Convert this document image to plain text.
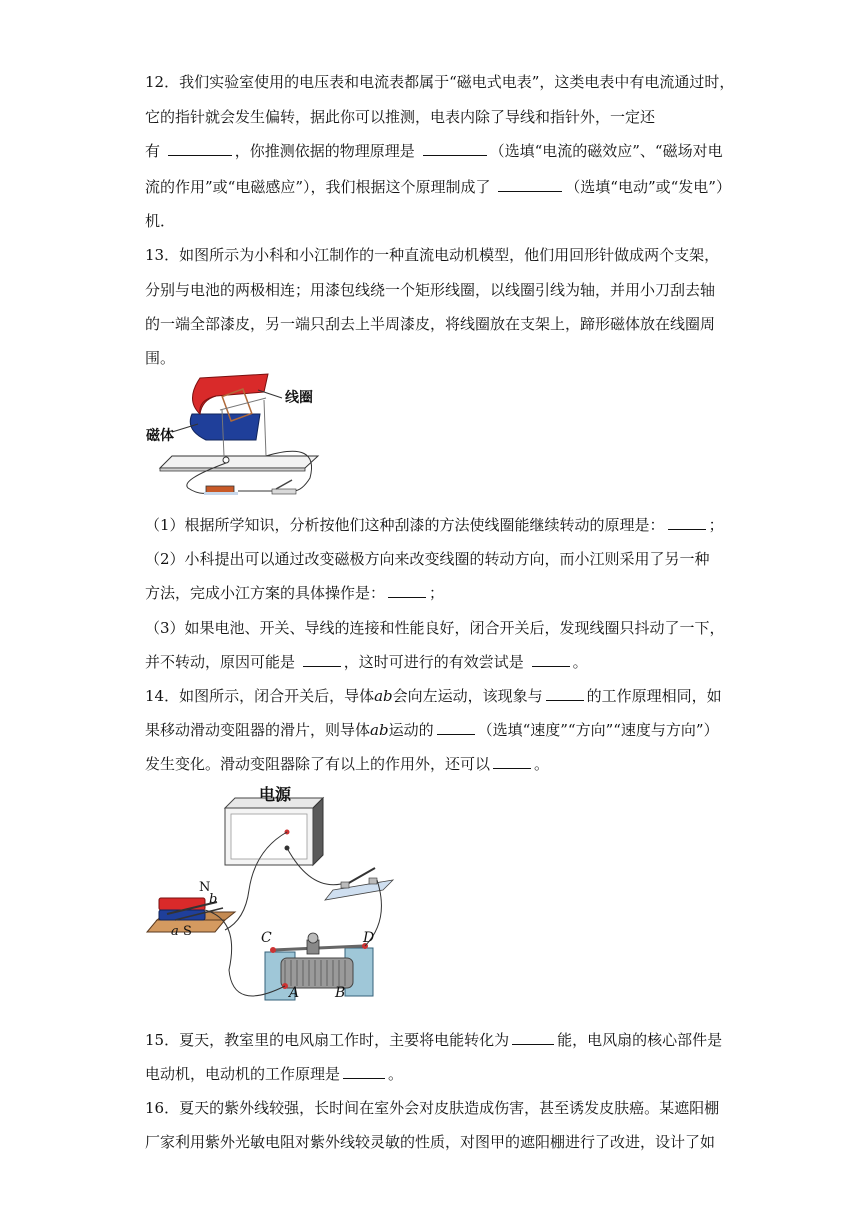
12．我们实验室使用的电压表和电流表都属于“磁电式电表”，这类电表中有电流通过时，
它的指针就会发生偏转，据此你可以推测，电表内除了导线和指针外，一定还
有	，你推测依据的物理原理是	（选填“电流的磁效应”、“磁场对电
流的作用”或“电磁感应”），我们根据这个原理制成了	（选填“电动”或“发电”）
机．
13．如图所示为小科和小江制作的一种直流电动机模型，他们用回形针做成两个支架，
分别与电池的两极相连；用漆包线绕一个矩形线圈，以线圈引线为轴，并用小刀刮去轴
的一端全部漆皮，另一端只刮去上半周漆皮，将线圈放在支架上，蹄形磁体放在线圈周
围。
线圈
磁体
（1）根据所学知识，分析按他们这种刮漆的方法使线圈能继续转动的原理是：	；
（2）小科提出可以通过改变磁极方向来改变线圈的转动方向，而小江则采用了另一种
方法，完成小江方案的具体操作是：	；
（3）如果电池、开关、导线的连接和性能良好，闭合开关后，发现线圈只抖动了一下，
并不转动，原因可能是	，这时可进行的有效尝试是	。
14．如图所示，闭合开关后，导体ab会向左运动，该现象与	的工作原理相同，如
果移动滑动变阻器的滑片，则导体ab运动的	（选填“速度”“方向”“速度与方向”）
发生变化。滑动变阻器除了有以上的作用外，还可以	。
电源
N
b
a S	C	D
A	B
15．夏天，教室里的电风扇工作时，主要将电能转化为	能，电风扇的核心部件是
电动机，电动机的工作原理是	。
16．夏天的紫外线较强，长时间在室外会对皮肤造成伤害，甚至诱发皮肤癌。某遮阳棚
厂家利用紫外光敏电阻对紫外线较灵敏的性质，对图甲的遮阳棚进行了改进，设计了如
